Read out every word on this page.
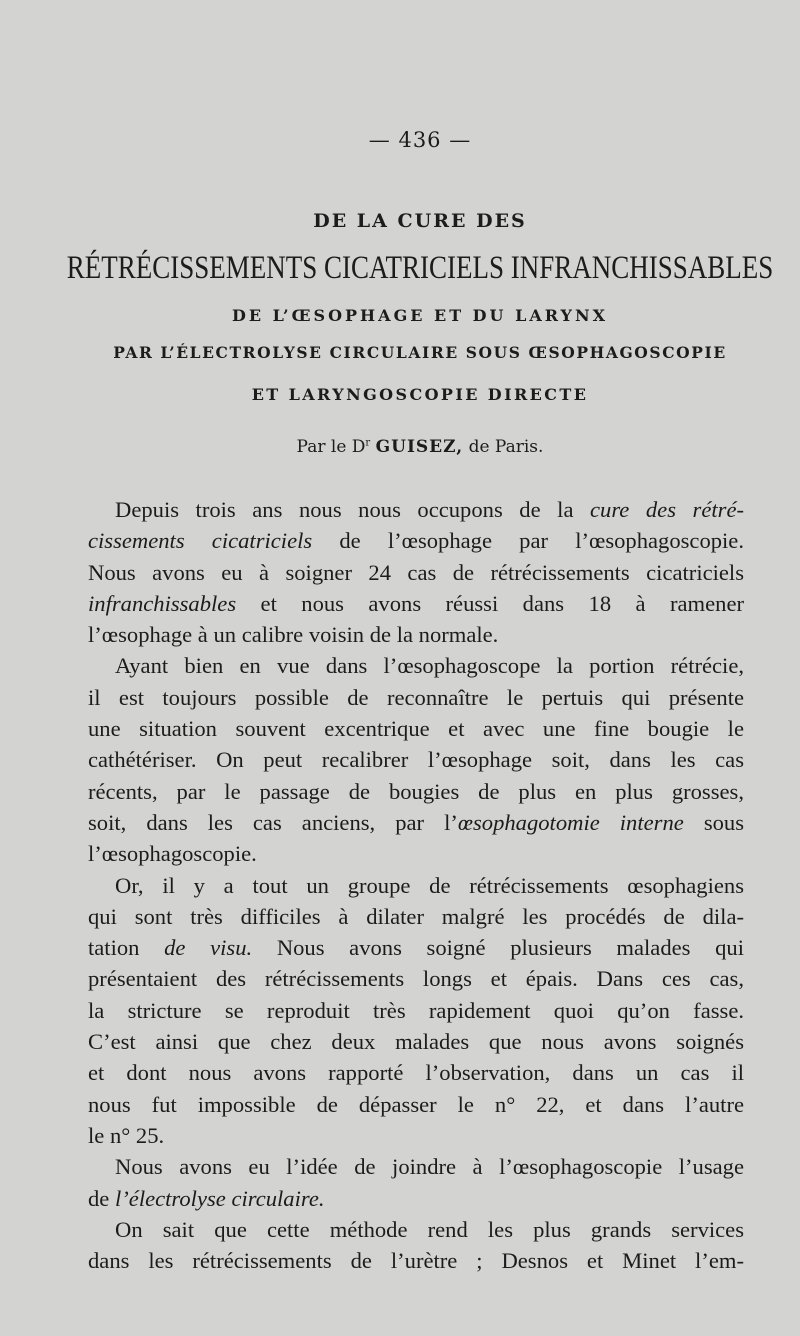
— 436 —
DE LA CURE DES
RÉTRÉCISSEMENTS CICATRICIELS INFRANCHISSABLES
DE L’ŒSOPHAGE ET DU LARYNX
PAR L’ÉLECTROLYSE CIRCULAIRE SOUS ŒSOPHAGOSCOPIE
ET LARYNGOSCOPIE DIRECTE
Par le $D^r$ GUISEZ, de Paris.
Depuis trois ans nous nous occupons de la cure des rétré-
cissements cicatriciels de l’œsophage par l’œsophagoscopie.
Nous avons eu à soigner 24 cas de rétrécissements cicatriciels
infranchissables et nous avons réussi dans 18 à ramener
l’œsophage à un calibre voisin de la normale.
Ayant bien en vue dans l’œsophagoscope la portion rétrécie,
il est toujours possible de reconnaître le pertuis qui présente
une situation souvent excentrique et avec une fine bougie le
cathétériser. On peut recalibrer l’œsophage soit, dans les cas
récents, par le passage de bougies de plus en plus grosses,
soit, dans les cas anciens, par l’œsophagotomie interne sous
l’œsophagoscopie.
Or, il y a tout un groupe de rétrécissements œsophagiens
qui sont très difficiles à dilater malgré les procédés de dila-
tation de visu. Nous avons soigné plusieurs malades qui
présentaient des rétrécissements longs et épais. Dans ces cas,
la stricture se reproduit très rapidement quoi qu’on fasse.
C’est ainsi que chez deux malades que nous avons soignés
et dont nous avons rapporté l’observation, dans un cas il
nous fut impossible de dépasser le n° 22, et dans l’autre
le n° 25.
Nous avons eu l’idée de joindre à l’œsophagoscopie l’usage
de l’électrolyse circulaire.
On sait que cette méthode rend les plus grands services
dans les rétrécissements de l’urètre ; Desnos et Minet l’em-
